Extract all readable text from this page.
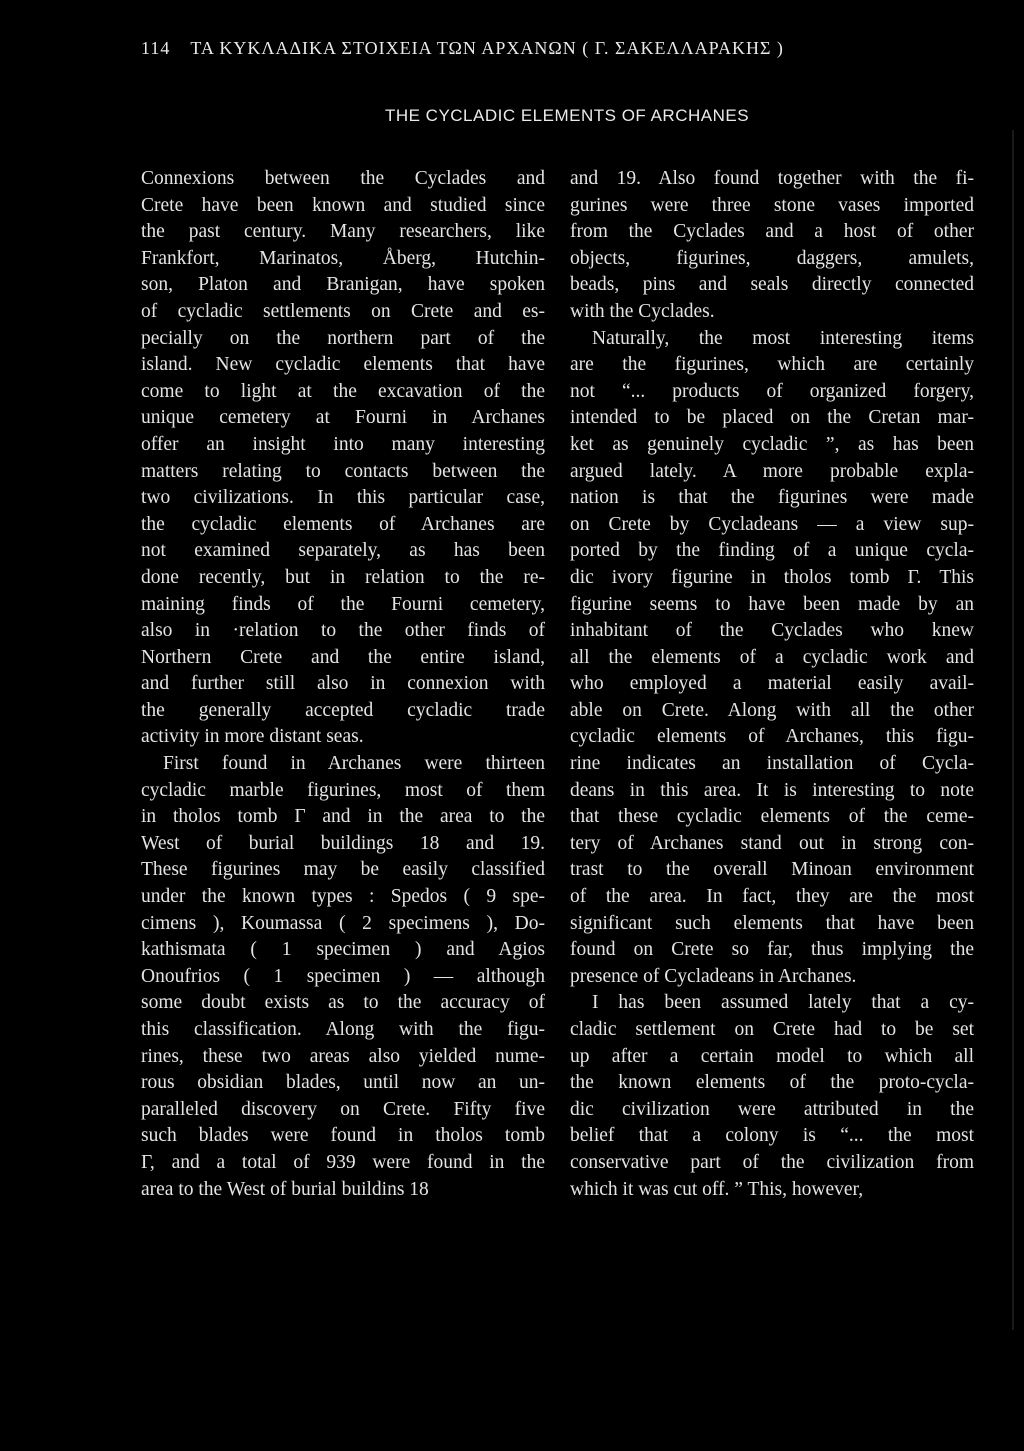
114 ΤΑ ΚΥΚΛΑΔΙΚΑ ΣΤΟΙΧΕΙΑ ΤΩΝ ΑΡΧΑΝΩΝ ( Γ. ΣΑΚΕΛΛΑΡΑΚΗΣ )
THE CYCLADIC ELEMENTS OF ARCHANES
Connexions between the Cyclades and
Crete have been known and studied since
the past century. Many researchers, like
Frankfort, Marinatos, Åberg, Hutchin-
son, Platon and Branigan, have spoken
of cycladic settlements on Crete and es-
pecially on the northern part of the
island. New cycladic elements that have
come to light at the excavation of the
unique cemetery at Fourni in Archanes
offer an insight into many interesting
matters relating to contacts between the
two civilizations. In this particular case,
the cycladic elements of Archanes are
not examined separately, as has been
done recently, but in relation to the re-
maining finds of the Fourni cemetery,
also in ·relation to the other finds of
Northern Crete and the entire island,
and further still also in connexion with
the generally accepted cycladic trade
activity in more distant seas.
First found in Archanes were thirteen
cycladic marble figurines, most of them
in tholos tomb Γ and in the area to the
West of burial buildings 18 and 19.
These figurines may be easily classified
under the known types : Spedos ( 9 spe-
cimens ), Koumassa ( 2 specimens ), Do-
kathismata ( 1 specimen ) and Agios
Onoufrios ( 1 specimen ) — although
some doubt exists as to the accuracy of
this classification. Along with the figu-
rines, these two areas also yielded nume-
rous obsidian blades, until now an un-
paralleled discovery on Crete. Fifty five
such blades were found in tholos tomb
Γ, and a total of 939 were found in the
area to the West of burial buildins 18
and 19. Also found together with the fi-
gurines were three stone vases imported
from the Cyclades and a host of other
objects, figurines, daggers, amulets,
beads, pins and seals directly connected
with the Cyclades.
Naturally, the most interesting items
are the figurines, which are certainly
not “... products of organized forgery,
intended to be placed on the Cretan mar-
ket as genuinely cycladic ”, as has been
argued lately. A more probable expla-
nation is that the figurines were made
on Crete by Cycladeans — a view sup-
ported by the finding of a unique cycla-
dic ivory figurine in tholos tomb Γ. This
figurine seems to have been made by an
inhabitant of the Cyclades who knew
all the elements of a cycladic work and
who employed a material easily avail-
able on Crete. Along with all the other
cycladic elements of Archanes, this figu-
rine indicates an installation of Cycla-
deans in this area. It is interesting to note
that these cycladic elements of the ceme-
tery of Archanes stand out in strong con-
trast to the overall Minoan environment
of the area. In fact, they are the most
significant such elements that have been
found on Crete so far, thus implying the
presence of Cycladeans in Archanes.
I has been assumed lately that a cy-
cladic settlement on Crete had to be set
up after a certain model to which all
the known elements of the proto-cycla-
dic civilization were attributed in the
belief that a colony is “... the most
conservative part of the civilization from
which it was cut off. ” This, however,
